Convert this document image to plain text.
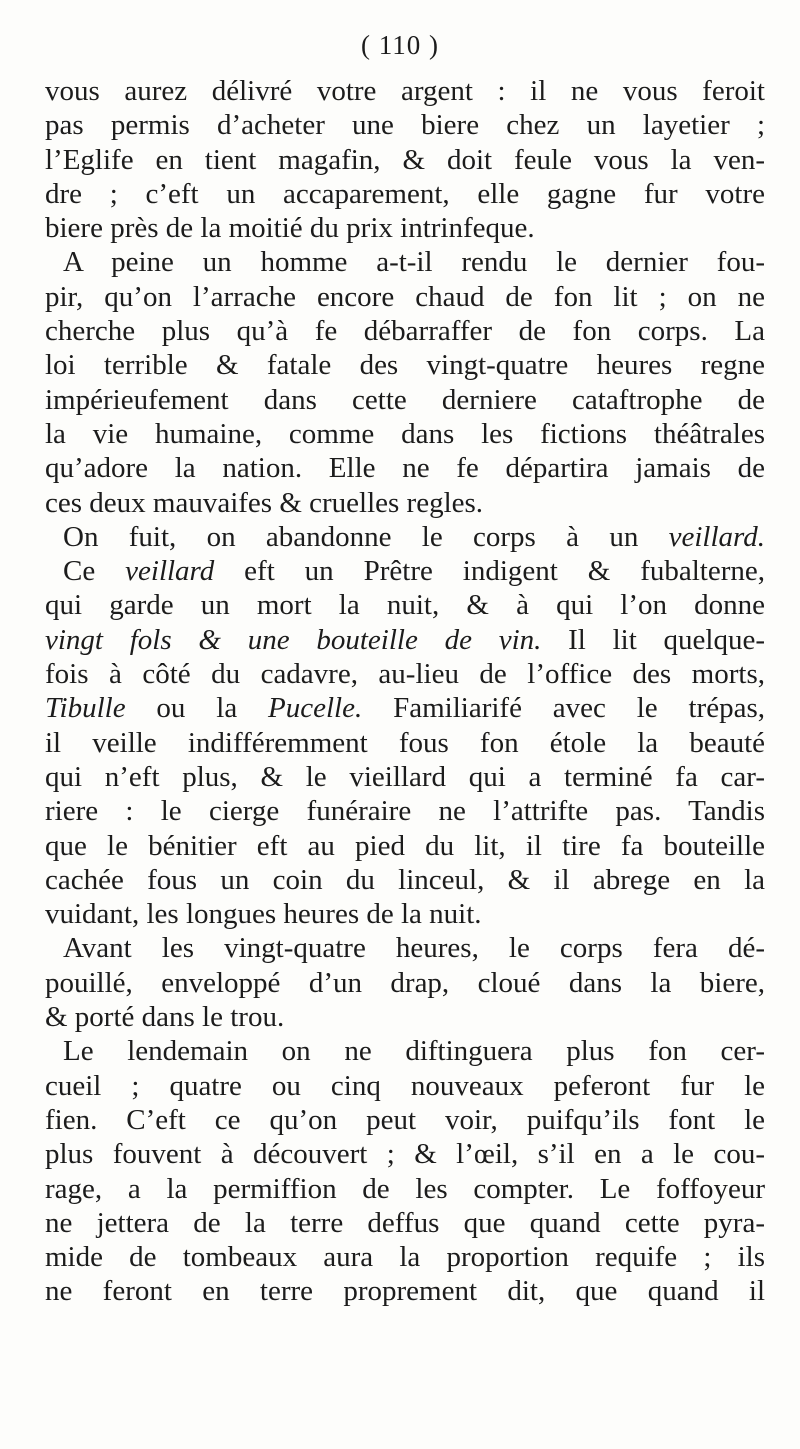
( 110 )
vous aurez délivré votre argent : il ne vous feroit
pas permis d’acheter une biere chez un layetier ;
l’Eglife en tient magafin, & doit feule vous la ven-
dre ; c’eft un accaparement, elle gagne fur votre
biere près de la moitié du prix intrinfeque.
A peine un homme a-t-il rendu le dernier fou-
pir, qu’on l’arrache encore chaud de fon lit ; on ne
cherche plus qu’à fe débarraffer de fon corps. La
loi terrible & fatale des vingt-quatre heures regne
impérieufement dans cette derniere cataftrophe de
la vie humaine, comme dans les fictions théâtrales
qu’adore la nation. Elle ne fe départira jamais de
ces deux mauvaifes & cruelles regles.
On fuit, on abandonne le corps à un veillard.
Ce veillard eft un Prêtre indigent & fubalterne,
qui garde un mort la nuit, & à qui l’on donne
vingt fols & une bouteille de vin. Il lit quelque-
fois à côté du cadavre, au-lieu de l’office des morts,
Tibulle ou la Pucelle. Familiarifé avec le trépas,
il veille indifféremment fous fon étole la beauté
qui n’eft plus, & le vieillard qui a terminé fa car-
riere : le cierge funéraire ne l’attrifte pas. Tandis
que le bénitier eft au pied du lit, il tire fa bouteille
cachée fous un coin du linceul, & il abrege en la
vuidant, les longues heures de la nuit.
Avant les vingt-quatre heures, le corps fera dé-
pouillé, enveloppé d’un drap, cloué dans la biere,
& porté dans le trou.
Le lendemain on ne diftinguera plus fon cer-
cueil ; quatre ou cinq nouveaux peferont fur le
fien. C’eft ce qu’on peut voir, puifqu’ils font le
plus fouvent à découvert ; & l’œil, s’il en a le cou-
rage, a la permiffion de les compter. Le foffoyeur
ne jettera de la terre deffus que quand cette pyra-
mide de tombeaux aura la proportion requife ; ils
ne feront en terre proprement dit, que quand il
